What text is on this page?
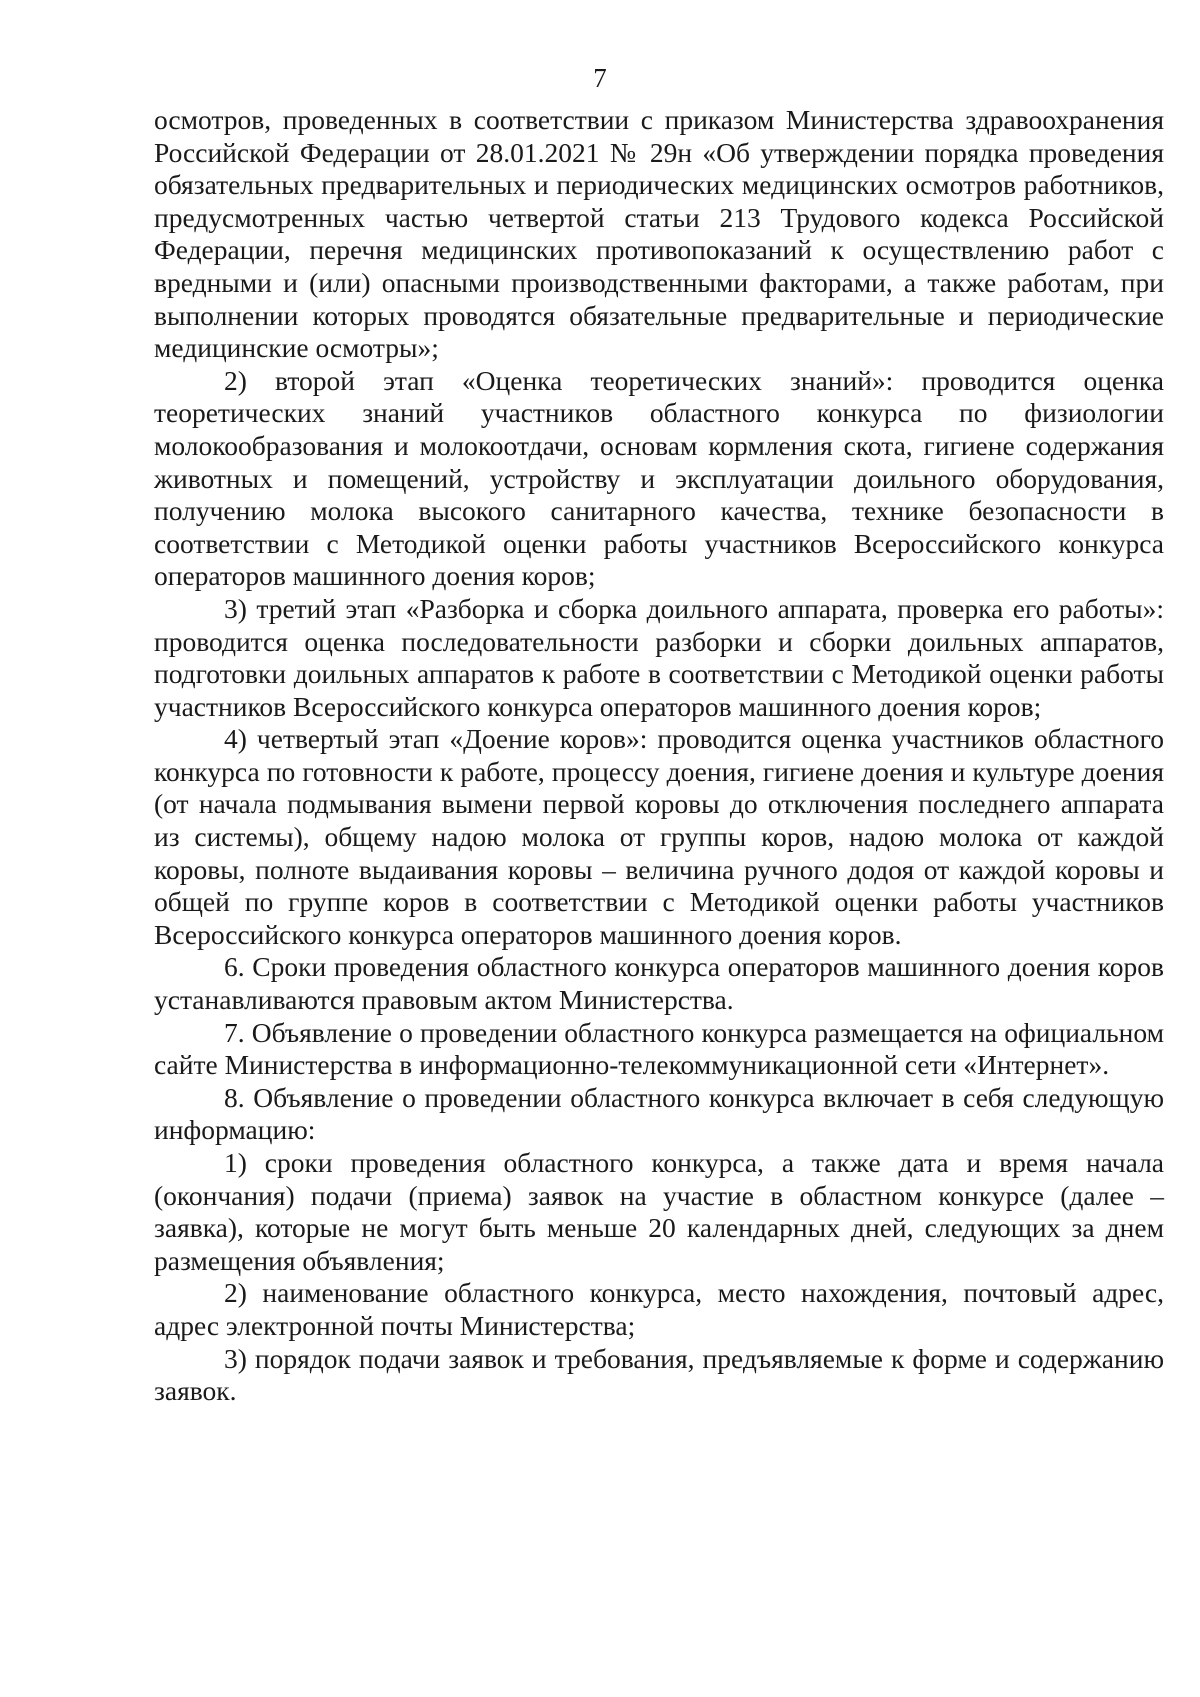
7

осмотров, проведенных в соответствии с приказом Министерства здравоохранения Российской Федерации от 28.01.2021 № 29н «Об утверждении порядка проведения обязательных предварительных и периодических медицинских осмотров работников, предусмотренных частью четвертой статьи 213 Трудового кодекса Российской Федерации, перечня медицинских противопоказаний к осуществлению работ с вредными и (или) опасными производственными факторами, а также работам, при выполнении которых проводятся обязательные предварительные и периодические медицинские осмотры»;

2) второй этап «Оценка теоретических знаний»: проводится оценка теоретических знаний участников областного конкурса по физиологии молокообразования и молокоотдачи, основам кормления скота, гигиене содержания животных и помещений, устройству и эксплуатации доильного оборудования, получению молока высокого санитарного качества, технике безопасности в соответствии с Методикой оценки работы участников Всероссийского конкурса операторов машинного доения коров;

3) третий этап «Разборка и сборка доильного аппарата, проверка его работы»: проводится оценка последовательности разборки и сборки доильных аппаратов, подготовки доильных аппаратов к работе в соответствии с Методикой оценки работы участников Всероссийского конкурса операторов машинного доения коров;

4) четвертый этап «Доение коров»: проводится оценка участников областного конкурса по готовности к работе, процессу доения, гигиене доения и культуре доения (от начала подмывания вымени первой коровы до отключения последнего аппарата из системы), общему надою молока от группы коров, надою молока от каждой коровы, полноте выдаивания коровы – величина ручного додоя от каждой коровы и общей по группе коров в соответствии с Методикой оценки работы участников Всероссийского конкурса операторов машинного доения коров.

6. Сроки проведения областного конкурса операторов машинного доения коров устанавливаются правовым актом Министерства.

7. Объявление о проведении областного конкурса размещается на официальном сайте Министерства в информационно-телекоммуникационной сети «Интернет».

8. Объявление о проведении областного конкурса включает в себя следующую информацию:

1) сроки проведения областного конкурса, а также дата и время начала (окончания) подачи (приема) заявок на участие в областном конкурсе (далее – заявка), которые не могут быть меньше 20 календарных дней, следующих за днем размещения объявления;

2) наименование областного конкурса, место нахождения, почтовый адрес, адрес электронной почты Министерства;

3) порядок подачи заявок и требования, предъявляемые к форме и содержанию заявок.
